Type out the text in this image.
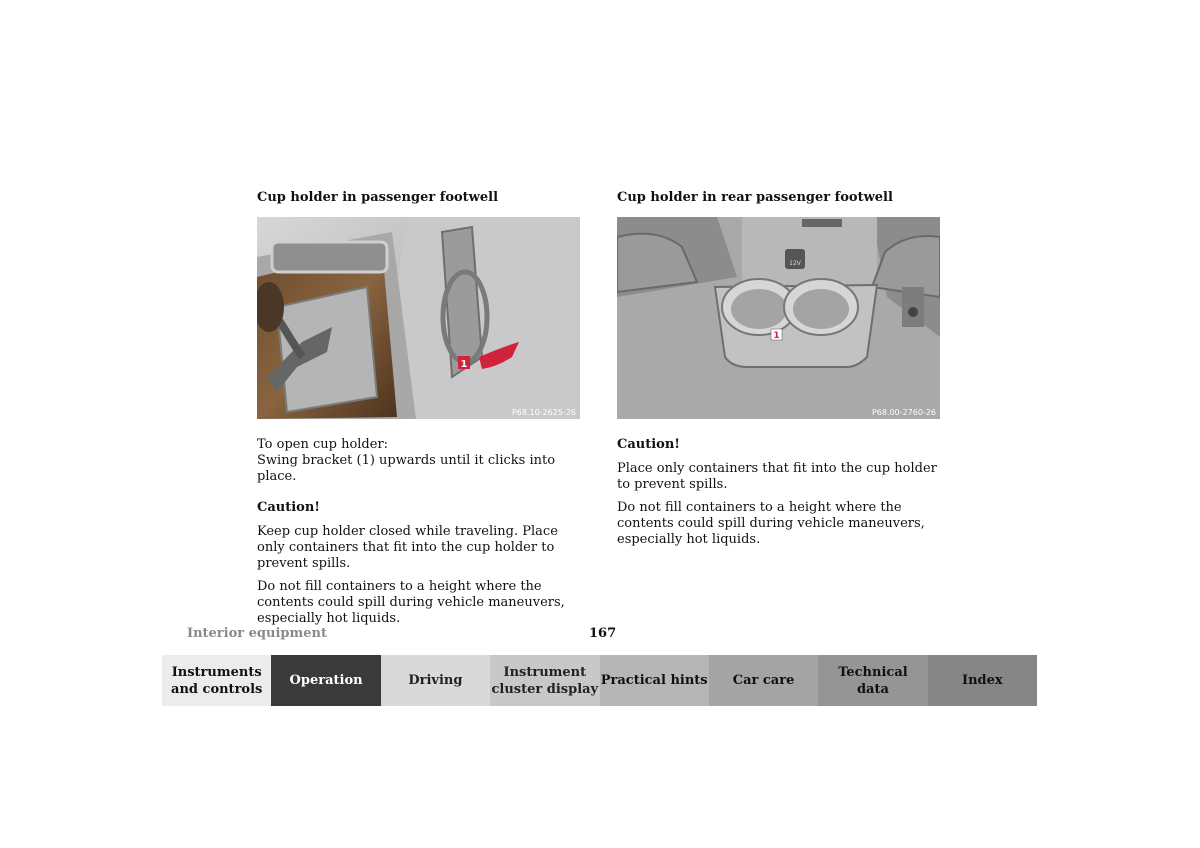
Cup holder in passenger footwell
1
P68.10-2625-26

To open cup holder:

Swing bracket (1) upwards until it clicks into place.

Caution!

Keep cup holder closed while traveling. Place only containers that fit into the cup holder to prevent spills.

Do not fill containers to a height where the contents could spill during vehicle maneuvers, especially hot liquids.

Cup holder in rear passenger footwell
12V
1
P68.00-2760-26

Caution!

Place only containers that fit into the cup holder to prevent spills.

Do not fill containers to a height where the contents could spill during vehicle maneuvers, especially hot liquids.

Interior equipment	167
Instruments
and controls
Operation	Driving
Instrument
cluster display
Practical hints	Car care
Technical
data
Index
